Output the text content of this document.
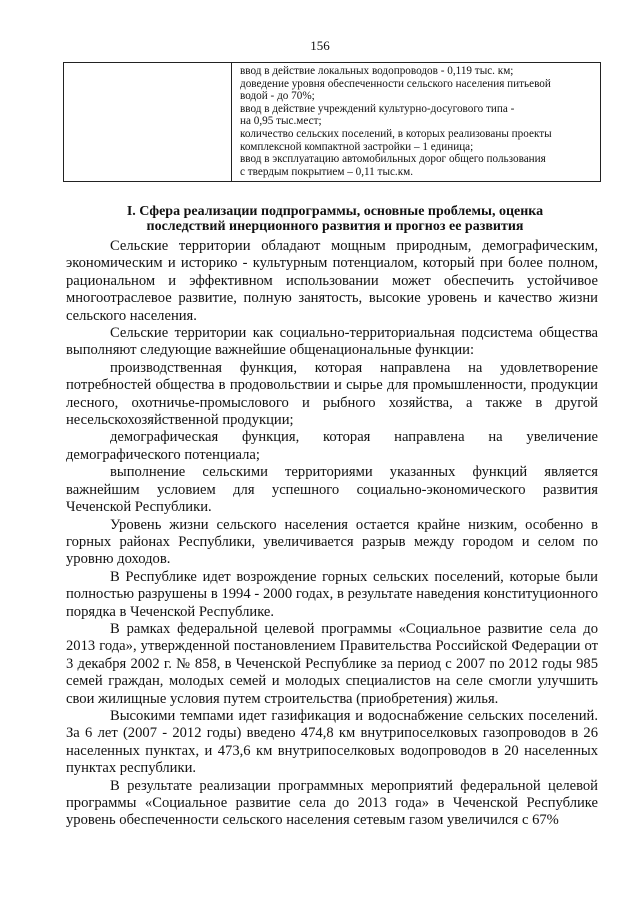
156
ввод в действие локальных водопроводов - 0,119 тыс. км;
доведение уровня обеспеченности сельского населения питьевой
водой - до 70%;
ввод в действие учреждений культурно-досугового типа -
на 0,95 тыс.мест;
количество сельских поселений, в которых реализованы проекты
комплексной компактной застройки – 1 единица;
ввод в эксплуатацию автомобильных дорог общего пользования
с твердым покрытием – 0,11 тыс.км.
I. Сфера реализации подпрограммы, основные проблемы, оценка
последствий инерционного развития и прогноз ее развития

Сельские территории обладают мощным природным, демографическим, экономическим и историко - культурным потенциалом, который при более полном, рациональном и эффективном использовании может обеспечить устойчивое многоотраслевое развитие, полную занятость, высокие уровень и качество жизни сельского населения.

Сельские территории как социально-территориальная подсистема общества выполняют следующие важнейшие общенациональные функции:

производственная функция, которая направлена на удовлетворение потребностей общества в продовольствии и сырье для промышленности, продукции лесного, охотничье-промыслового и рыбного хозяйства, а также в другой несельскохозяйственной продукции;

демографическая функция, которая направлена на увеличение демографического потенциала;

выполнение сельскими территориями указанных функций является важнейшим условием для успешного социально-экономического развития Чеченской Республики.

Уровень жизни сельского населения остается крайне низким, особенно в горных районах Республики, увеличивается разрыв между городом и селом по уровню доходов.

В Республике идет возрождение горных сельских поселений, которые были полностью разрушены в 1994 - 2000 годах, в результате наведения конституционного порядка в Чеченской Республике.

В рамках федеральной целевой программы «Социальное развитие села до 2013 года», утвержденной постановлением Правительства Российской Федерации от 3 декабря 2002 г. № 858, в Чеченской Республике за период с 2007 по 2012 годы 985 семей граждан, молодых семей и молодых специалистов на селе смогли улучшить свои жилищные условия путем строительства (приобретения) жилья.

Высокими темпами идет газификация и водоснабжение сельских поселений. За 6 лет (2007 - 2012 годы) введено 474,8 км внутрипоселковых газопроводов в 26 населенных пунктах, и 473,6 км внутрипоселковых водопроводов в 20 населенных пунктах республики.

В результате реализации программных мероприятий федеральной целевой программы «Социальное развитие села до 2013 года» в Чеченской Республике уровень обеспеченности сельского населения сетевым газом увеличился с 67%
